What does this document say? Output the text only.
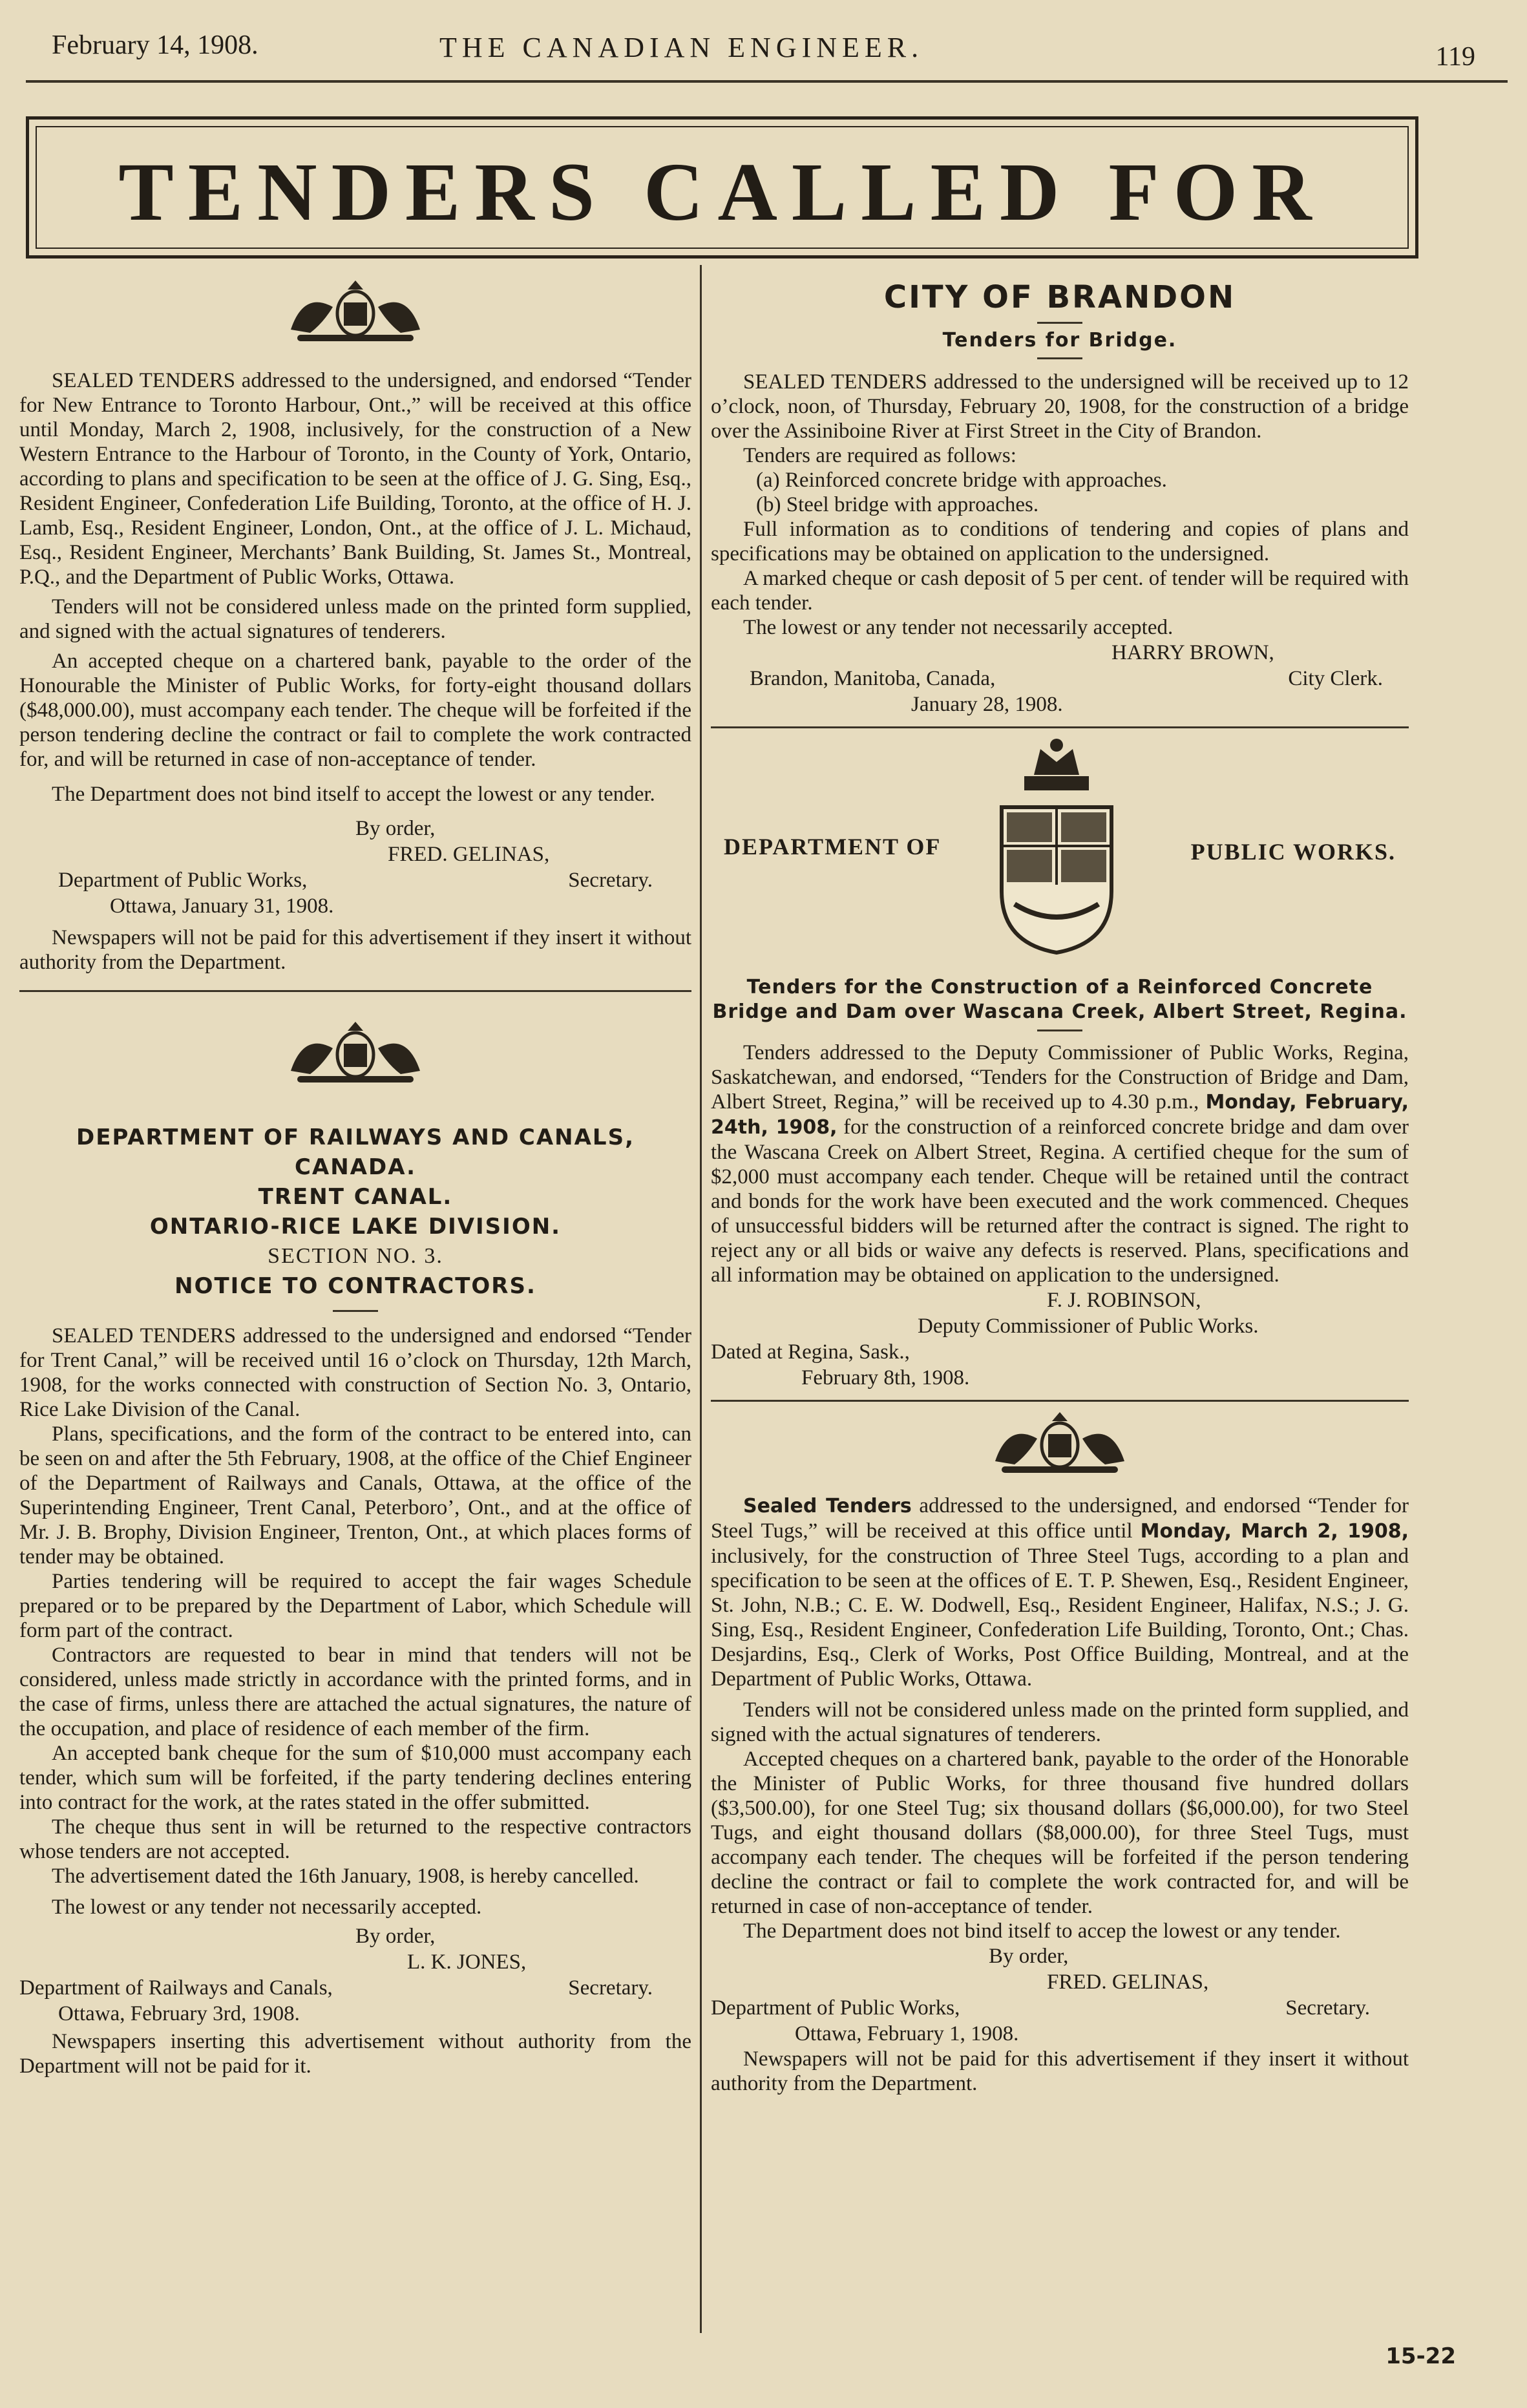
February 14, 1908.	THE CANADIAN ENGINEER.	119
TENDERS CALLED FOR

SEALED TENDERS addressed to the undersigned, and endorsed “Tender for New Entrance to Toronto Harbour, Ont.,” will be received at this office until Monday, March 2, 1908, inclusively, for the construction of a New Western Entrance to the Harbour of Toronto, in the County of York, Ontario, according to plans and specification to be seen at the office of J. G. Sing, Esq., Resident Engineer, Confederation Life Building, Toronto, at the office of H. J. Lamb, Esq., Resident Engineer, London, Ont., at the office of J. L. Michaud, Esq., Resident Engineer, Merchants’ Bank Building, St. James St., Montreal, P.Q., and the Department of Public Works, Ottawa.

Tenders will not be considered unless made on the printed form supplied, and signed with the actual signatures of tenderers.

An accepted cheque on a chartered bank, payable to the order of the Honourable the Minister of Public Works, for forty-eight thousand dollars ($48,000.00), must accompany each tender. The cheque will be forfeited if the person tendering decline the contract or fail to complete the work contracted for, and will be returned in case of non-acceptance of tender.

The Department does not bind itself to accept the lowest or any tender.

By order,
FRED. GELINAS,
Department of Public Works,	Secretary.
Ottawa, January 31, 1908.

Newspapers will not be paid for this advertisement if they insert it without authority from the Department.

DEPARTMENT OF RAILWAYS AND CANALS, CANADA.
TRENT CANAL.
ONTARIO-RICE LAKE DIVISION.
SECTION NO. 3.
NOTICE TO CONTRACTORS.

SEALED TENDERS addressed to the undersigned and endorsed “Tender for Trent Canal,” will be received until 16 o’clock on Thursday, 12th March, 1908, for the works connected with construction of Section No. 3, Ontario, Rice Lake Division of the Canal.

Plans, specifications, and the form of the contract to be entered into, can be seen on and after the 5th February, 1908, at the office of the Chief Engineer of the Department of Railways and Canals, Ottawa, at the office of the Superintending Engineer, Trent Canal, Peterboro’, Ont., and at the office of Mr. J. B. Brophy, Division Engineer, Trenton, Ont., at which places forms of tender may be obtained.

Parties tendering will be required to accept the fair wages Schedule prepared or to be prepared by the Department of Labor, which Schedule will form part of the contract.

Contractors are requested to bear in mind that tenders will not be considered, unless made strictly in accordance with the printed forms, and in the case of firms, unless there are attached the actual signatures, the nature of the occupation, and place of residence of each member of the firm.

An accepted bank cheque for the sum of $10,000 must accompany each tender, which sum will be forfeited, if the party tendering declines entering into contract for the work, at the rates stated in the offer submitted.

The cheque thus sent in will be returned to the respective contractors whose tenders are not accepted.

The advertisement dated the 16th January, 1908, is hereby cancelled.

The lowest or any tender not necessarily accepted.

By order,
L. K. JONES,
Department of Railways and Canals,	Secretary.
Ottawa, February 3rd, 1908.

Newspapers inserting this advertisement without authority from the Department will not be paid for it.

CITY OF BRANDON
Tenders for Bridge.

SEALED TENDERS addressed to the undersigned will be received up to 12 o’clock, noon, of Thursday, February 20, 1908, for the construction of a bridge over the Assiniboine River at First Street in the City of Brandon.

Tenders are required as follows:

(a) Reinforced concrete bridge with approaches.
(b) Steel bridge with approaches.

Full information as to conditions of tendering and copies of plans and specifications may be obtained on application to the undersigned.

A marked cheque or cash deposit of 5 per cent. of tender will be required with each tender.

The lowest or any tender not necessarily accepted.

HARRY BROWN,
Brandon, Manitoba, Canada,	City Clerk.
January 28, 1908.
DEPARTMENT OF	PUBLIC WORKS.
Tenders for the Construction of a Reinforced Concrete Bridge and Dam over Wascana Creek, Albert Street, Regina.

Tenders addressed to the Deputy Commissioner of Public Works, Regina, Saskatchewan, and endorsed, “Tenders for the Construction of Bridge and Dam, Albert Street, Regina,” will be received up to 4.30 p.m., Monday, February, 24th, 1908, for the construction of a reinforced concrete bridge and dam over the Wascana Creek on Albert Street, Regina. A certified cheque for the sum of $2,000 must accompany each tender. Cheque will be retained until the contract and bonds for the work have been executed and the work commenced. Cheques of unsuccessful bidders will be returned after the contract is signed. The right to reject any or all bids or waive any defects is reserved. Plans, specifications and all information may be obtained on application to the undersigned.

F. J. ROBINSON,
Deputy Commissioner of Public Works.
Dated at Regina, Sask.,
February 8th, 1908.

Sealed Tenders addressed to the undersigned, and endorsed “Tender for Steel Tugs,” will be received at this office until Monday, March 2, 1908, inclusively, for the construction of Three Steel Tugs, according to a plan and specification to be seen at the offices of E. T. P. Shewen, Esq., Resident Engineer, St. John, N.B.; C. E. W. Dodwell, Esq., Resident Engineer, Halifax, N.S.; J. G. Sing, Esq., Resident Engineer, Confederation Life Building, Toronto, Ont.; Chas. Desjardins, Esq., Clerk of Works, Post Office Building, Montreal, and at the Department of Public Works, Ottawa.

Tenders will not be considered unless made on the printed form supplied, and signed with the actual signatures of tenderers.

Accepted cheques on a chartered bank, payable to the order of the Honorable the Minister of Public Works, for three thousand five hundred dollars ($3,500.00), for one Steel Tug; six thousand dollars ($6,000.00), for two Steel Tugs, and eight thousand dollars ($8,000.00), for three Steel Tugs, must accompany each tender. The cheques will be forfeited if the person tendering decline the contract or fail to complete the work contracted for, and will be returned in case of non-acceptance of tender.

The Department does not bind itself to accep the lowest or any tender.

By order,
FRED. GELINAS,
Department of Public Works,	Secretary.
Ottawa, February 1, 1908.

Newspapers will not be paid for this advertisement if they insert it without authority from the Department.

15-22
